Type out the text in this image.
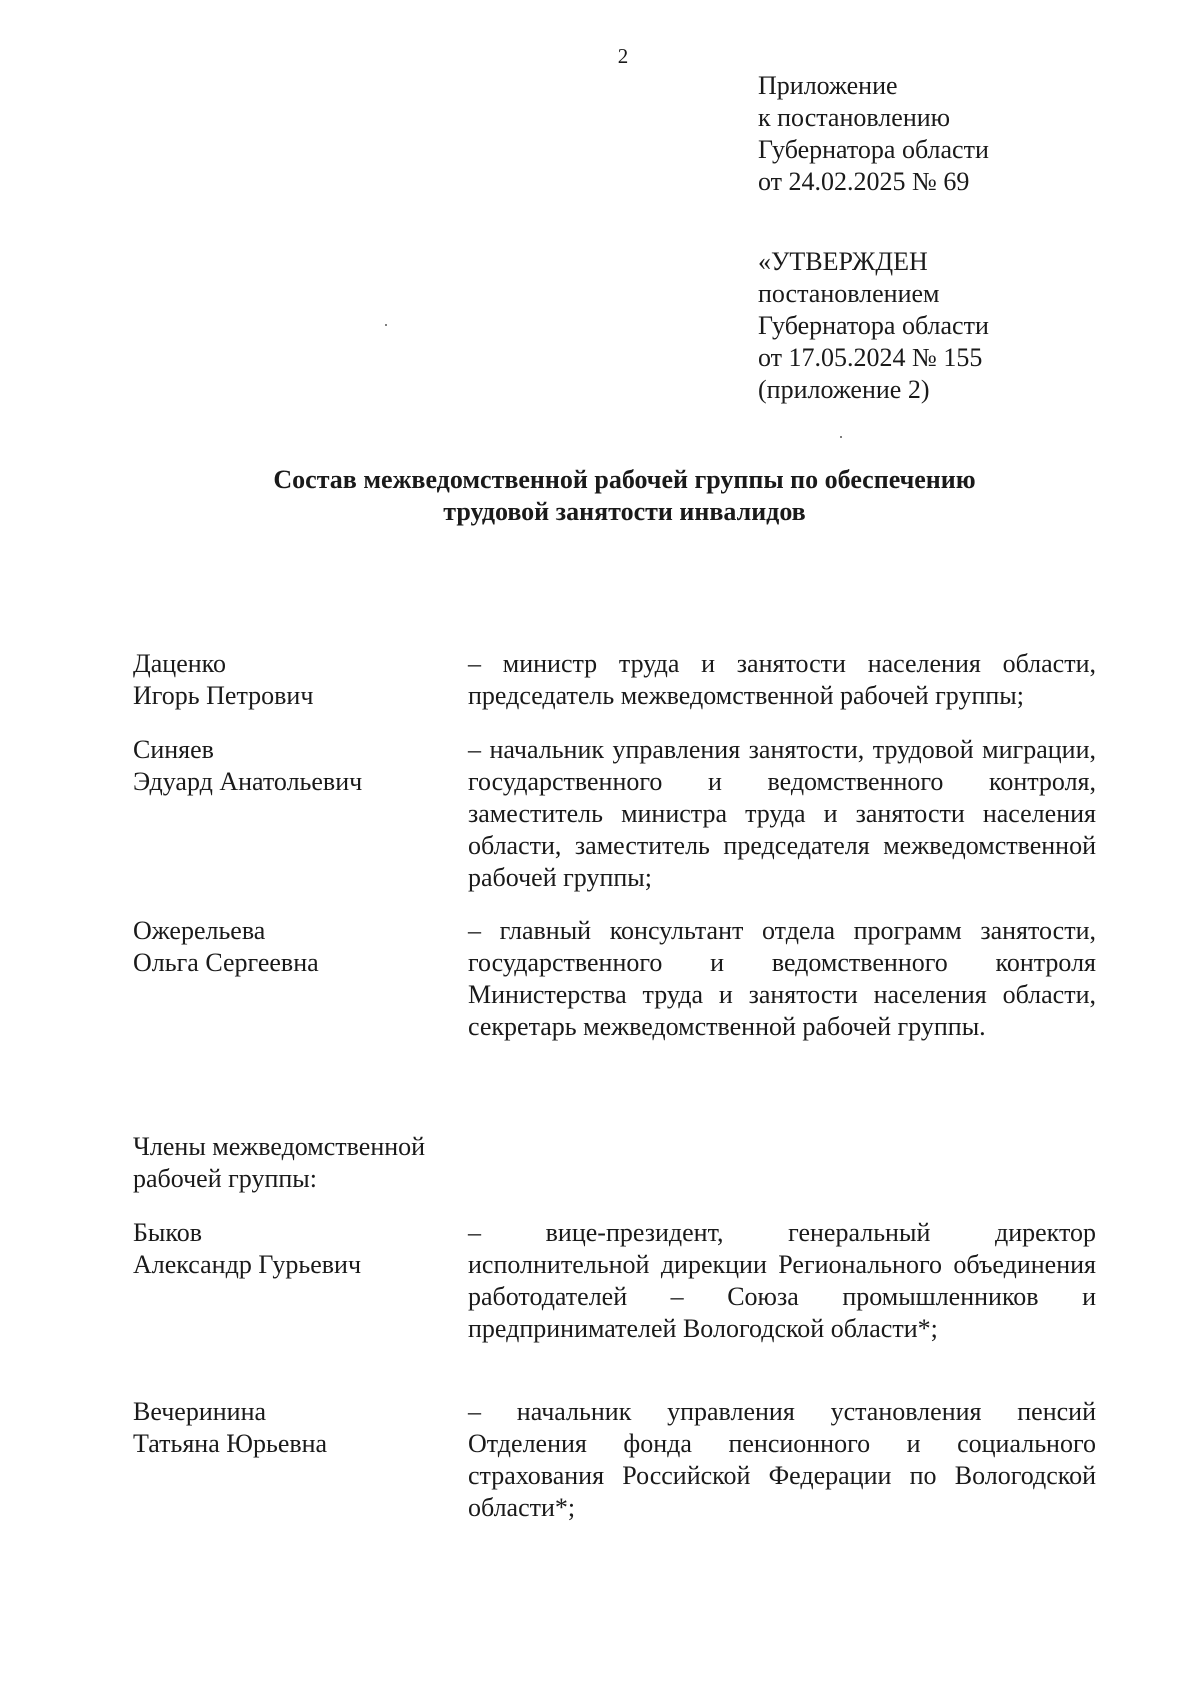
2
Приложение
к постановлению
Губернатора области
от 24.02.2025 № 69
«УТВЕРЖДЕН
постановлением
Губернатора области
от 17.05.2024 № 155
(приложение 2)
Состав межведомственной рабочей группы по обеспечению
трудовой занятости инвалидов
Даценко
Игорь Петрович
– министр труда и занятости населения области, председатель межведомственной рабочей группы;
Синяев
Эдуард Анатольевич
– начальник управления занятости, трудовой миграции, государственного и ведомственного контроля, заместитель министра труда и занятости населения области, заместитель председателя межведомственной рабочей группы;
Ожерельева
Ольга Сергеевна
– главный консультант отдела программ занятости, государственного и ведомственного контроля Министерства труда и занятости населения области, секретарь межведомственной рабочей группы.
Члены межведомственной
рабочей группы:
Быков
Александр Гурьевич
– вице-президент, генеральный директор исполнительной дирекции Регионального объединения работодателей – Союза промышленников и предпринимателей Вологодской области*;
Вечеринина
Татьяна Юрьевна
– начальник управления установления пенсий Отделения фонда пенсионного и социального страхования Российской Федерации по Вологодской области*;
